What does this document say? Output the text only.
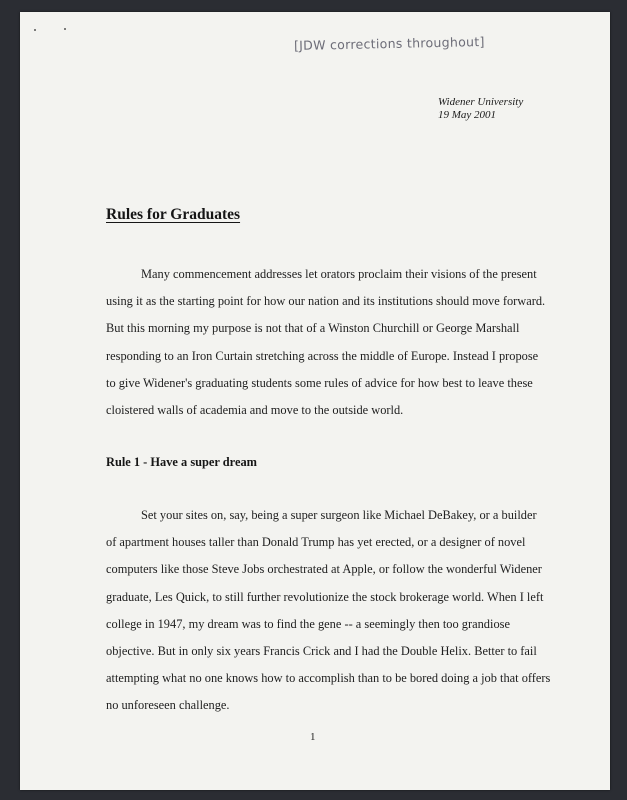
[JDW corrections throughout]
Widener University
19 May 2001
Rules for Graduates
Many commencement addresses let orators proclaim their visions of the present
using it as the starting point for how our nation and its institutions should move forward.
But this morning my purpose is not that of a Winston Churchill or George Marshall
responding to an Iron Curtain stretching across the middle of Europe. Instead I propose
to give Widener's graduating students some rules of advice for how best to leave these
cloistered walls of academia and move to the outside world.
Rule 1 - Have a super dream
Set your sites on, say, being a super surgeon like Michael DeBakey, or a builder
of apartment houses taller than Donald Trump has yet erected, or a designer of novel
computers like those Steve Jobs orchestrated at Apple, or follow the wonderful Widener
graduate, Les Quick, to still further revolutionize the stock brokerage world. When I left
college in 1947, my dream was to find the gene -- a seemingly then too grandiose
objective. But in only six years Francis Crick and I had the Double Helix. Better to fail
attempting what no one knows how to accomplish than to be bored doing a job that offers
no unforeseen challenge.
1
